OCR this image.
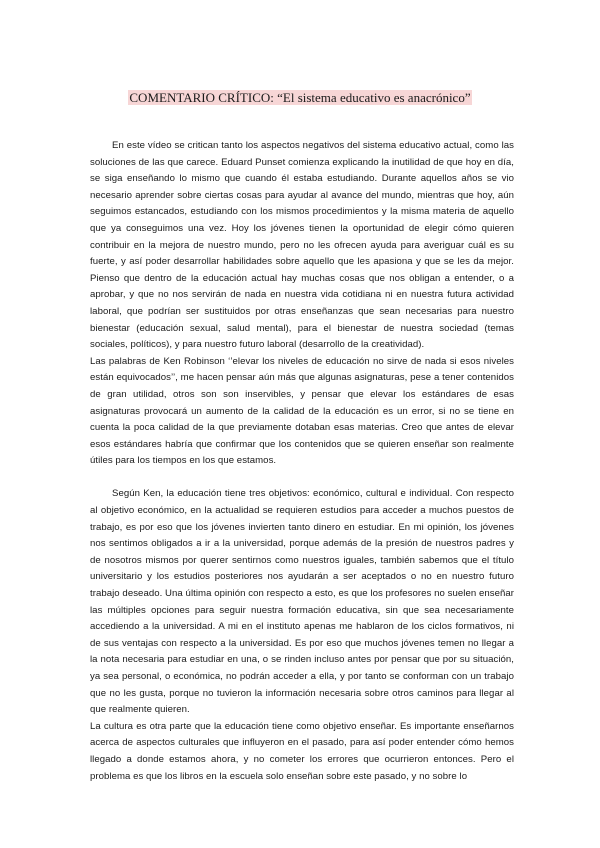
COMENTARIO CRÍTICO: “El sistema educativo es anacrónico”

En este vídeo se critican tanto los aspectos negativos del sistema educativo actual, como las soluciones de las que carece. Eduard Punset comienza explicando la inutilidad de que hoy en día, se siga enseñando lo mismo que cuando él estaba estudiando. Durante aquellos años se vio necesario aprender sobre ciertas cosas para ayudar al avance del mundo, mientras que hoy, aún seguimos estancados, estudiando con los mismos procedimientos y la misma materia de aquello que ya conseguimos una vez. Hoy los jóvenes tienen la oportunidad de elegir cómo quieren contribuir en la mejora de nuestro mundo, pero no les ofrecen ayuda para averiguar cuál es su fuerte, y así poder desarrollar habilidades sobre aquello que les apasiona y que se les da mejor. Pienso que dentro de la educación actual hay muchas cosas que nos obligan a entender, o a aprobar, y que no nos servirán de nada en nuestra vida cotidiana ni en nuestra futura actividad laboral, que podrían ser sustituidos por otras enseñanzas que sean necesarias para nuestro bienestar (educación sexual, salud mental), para el bienestar de nuestra sociedad (temas sociales, políticos), y para nuestro futuro laboral (desarrollo de la creatividad).

Las palabras de Ken Robinson ‘’elevar los niveles de educación no sirve de nada si esos niveles están equivocados’’, me hacen pensar aún más que algunas asignaturas, pese a tener contenidos de gran utilidad, otros son son inservibles, y pensar que elevar los estándares de esas asignaturas provocará un aumento de la calidad de la educación es un error, si no se tiene en cuenta la poca calidad de la que previamente dotaban esas materias. Creo que antes de elevar esos estándares habría que confirmar que los contenidos que se quieren enseñar son realmente útiles para los tiempos en los que estamos.

Según Ken, la educación tiene tres objetivos: económico, cultural e individual. Con respecto al objetivo económico, en la actualidad se requieren estudios para acceder a muchos puestos de trabajo, es por eso que los jóvenes invierten tanto dinero en estudiar. En mi opinión, los jóvenes nos sentimos obligados a ir a la universidad, porque además de la presión de nuestros padres y de nosotros mismos por querer sentirnos como nuestros iguales, también sabemos que el título universitario y los estudios posteriores nos ayudarán a ser aceptados o no en nuestro futuro trabajo deseado. Una última opinión con respecto a esto, es que los profesores no suelen enseñar las múltiples opciones para seguir nuestra formación educativa, sin que sea necesariamente accediendo a la universidad. A mi en el instituto apenas me hablaron de los ciclos formativos, ni de sus ventajas con respecto a la universidad. Es por eso que muchos jóvenes temen no llegar a la nota necesaria para estudiar en una, o se rinden incluso antes por pensar que por su situación, ya sea personal, o económica, no podrán acceder a ella, y por tanto se conforman con un trabajo que no les gusta, porque no tuvieron la información necesaria sobre otros caminos para llegar al que realmente quieren.

La cultura es otra parte que la educación tiene como objetivo enseñar. Es importante enseñarnos acerca de aspectos culturales que influyeron en el pasado, para así poder entender cómo hemos llegado a donde estamos ahora, y no cometer los errores que ocurrieron entonces. Pero el problema es que los libros en la escuela solo enseñan sobre este pasado, y no sobre lo
